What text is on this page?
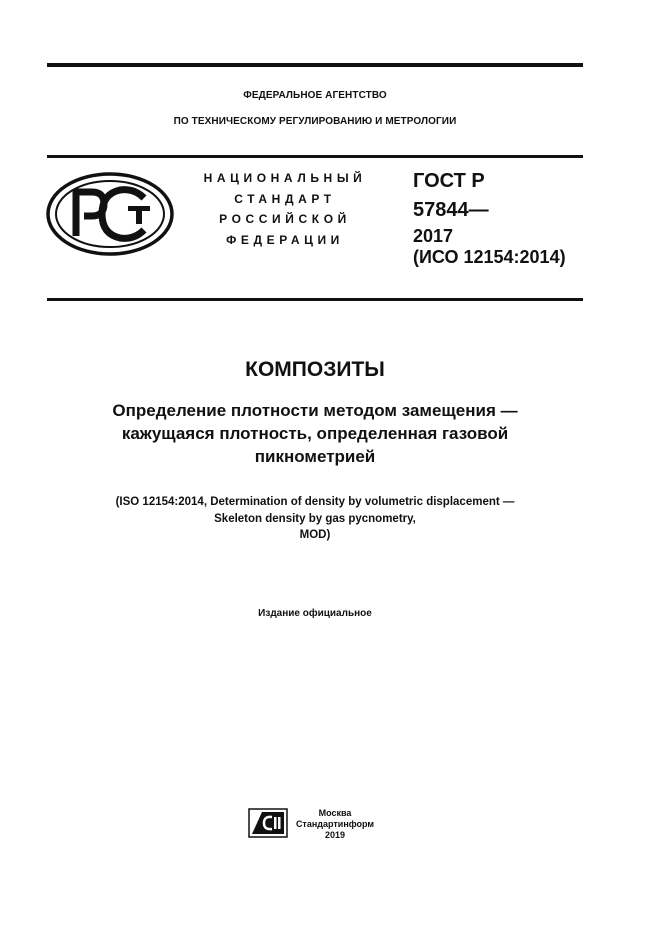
ФЕДЕРАЛЬНОЕ АГЕНТСТВО
ПО ТЕХНИЧЕСКОМУ РЕГУЛИРОВАНИЮ И МЕТРОЛОГИИ
НАЦИОНАЛЬНЫЙ
СТАНДАРТ
РОССИЙСКОЙ
ФЕДЕРАЦИИ
ГОСТ Р
57844—
2017
(ИСО 12154:2014)
КОМПОЗИТЫ
Определение плотности методом замещения —
кажущаяся плотность, определенная газовой
пикнометрией
(ISO 12154:2014, Determination of density by volumetric displacement —
Skeleton density by gas pycnometry,
MOD)
Издание официальное
Москва
Стандартинформ
2019
